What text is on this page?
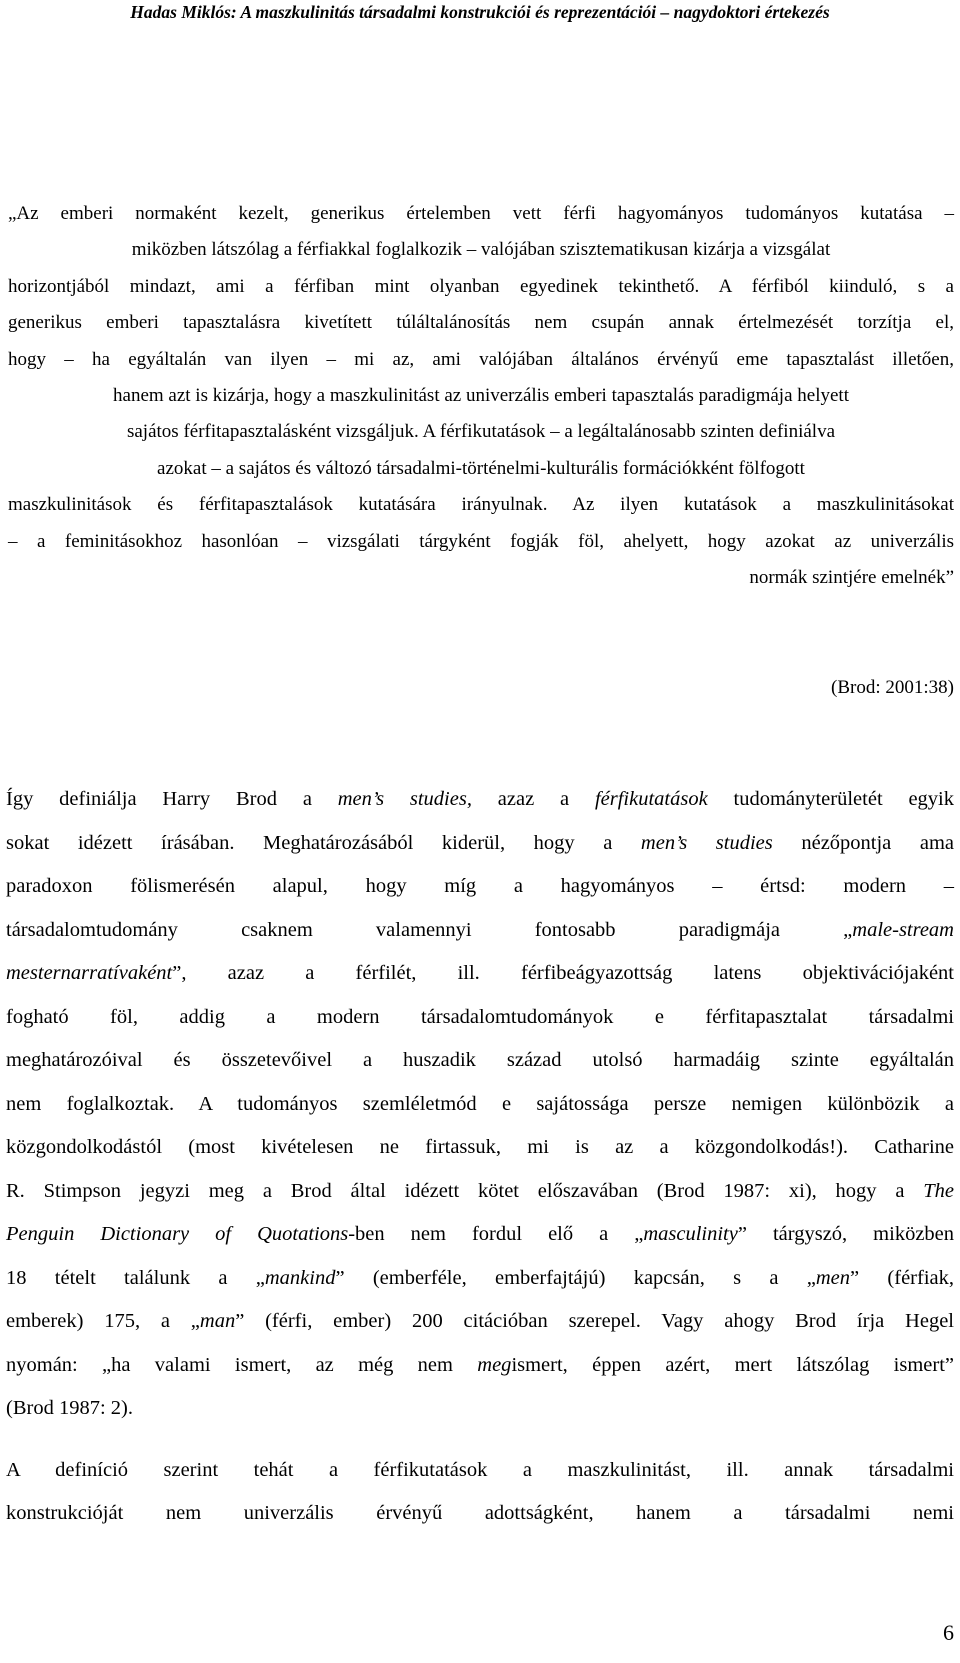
Hadas Miklós: A maszkulinitás társadalmi konstrukciói és reprezentációi – nagydoktori értekezés
„Az emberi normaként kezelt, generikus értelemben vett férfi hagyományos tudományos kutatása –
miközben látszólag a férfiakkal foglalkozik – valójában szisztematikusan kizárja a vizsgálat
horizontjából mindazt, ami a férfiban mint olyanban egyedinek tekinthető. A férfiból kiinduló, s a
generikus emberi tapasztalásra kivetített túláltalánosítás nem csupán annak értelmezését torzítja el,
hogy – ha egyáltalán van ilyen – mi az, ami valójában általános érvényű eme tapasztalást illetően,
hanem azt is kizárja, hogy a maszkulinitást az univerzális emberi tapasztalás paradigmája helyett
sajátos férfitapasztalásként vizsgáljuk. A férfikutatások – a legáltalánosabb szinten definiálva
azokat – a sajátos és változó társadalmi-történelmi-kulturális formációkként fölfogott
maszkulinitások és férfitapasztalások kutatására irányulnak. Az ilyen kutatások a maszkulinitásokat
– a feminitásokhoz hasonlóan – vizsgálati tárgyként fogják föl, ahelyett, hogy azokat az univerzális
normák szintjére emelnék”
(Brod: 2001:38)
Így definiálja Harry Brod a men’s studies, azaz a férfikutatások tudományterületét egyik
sokat idézett írásában. Meghatározásából kiderül, hogy a men’s studies nézőpontja ama
paradoxon fölismerésén alapul, hogy míg a hagyományos – értsd: modern –
társadalomtudomány csaknem valamennyi fontosabb paradigmája „male-stream
mesternarratívaként”, azaz a férfilét, ill. férfibeágyazottság latens objektivációjaként
fogható föl, addig a modern társadalomtudományok e férfitapasztalat társadalmi
meghatározóival és összetevőivel a huszadik század utolsó harmadáig szinte egyáltalán
nem foglalkoztak. A tudományos szemléletmód e sajátossága persze nemigen különbözik a
közgondolkodástól (most kivételesen ne firtassuk, mi is az a közgondolkodás!). Catharine
R. Stimpson jegyzi meg a Brod által idézett kötet előszavában (Brod 1987: xi), hogy a The
Penguin Dictionary of Quotations-ben nem fordul elő a „masculinity” tárgyszó, miközben
18 tételt találunk a „mankind” (emberféle, emberfajtájú) kapcsán, s a „men” (férfiak,
emberek) 175, a „man” (férfi, ember) 200 citációban szerepel. Vagy ahogy Brod írja Hegel
nyomán: „ha valami ismert, az még nem megismert, éppen azért, mert látszólag ismert”
(Brod 1987: 2).
A definíció szerint tehát a férfikutatások a maszkulinitást, ill. annak társadalmi
konstrukcióját nem univerzális érvényű adottságként, hanem a társadalmi nemi
6
